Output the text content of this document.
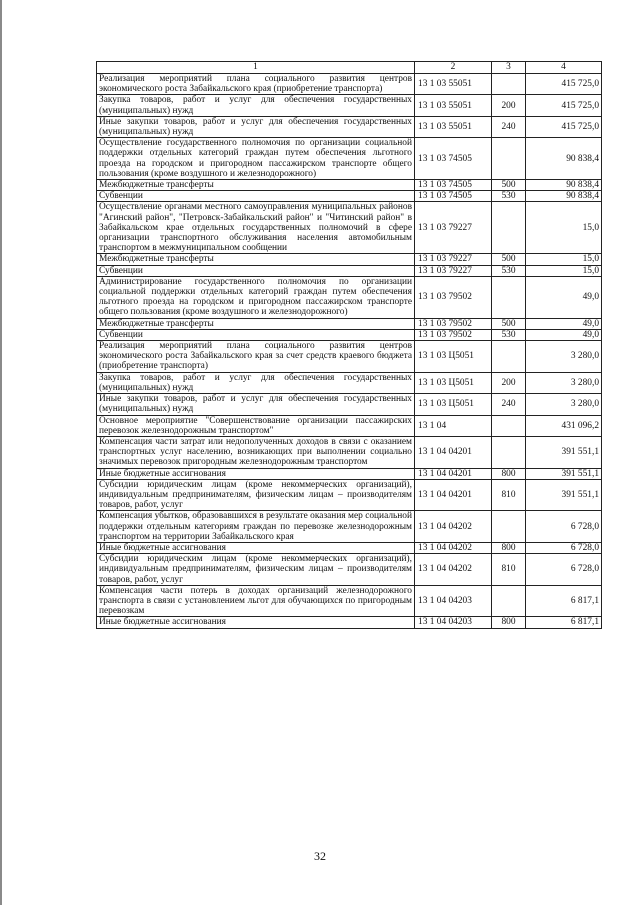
1	2	3	4
Реализация мероприятий плана социального развития центров экономического роста Забайкальского края (приобретение транспорта)	13 1 03 55051		415 725,0
Закупка товаров, работ и услуг для обеспечения государственных (муниципальных) нужд	13 1 03 55051	200	415 725,0
Иные закупки товаров, работ и услуг для обеспечения государственных (муниципальных) нужд	13 1 03 55051	240	415 725,0
Осуществление государственного полномочия по организации социальной поддержки отдельных категорий граждан путем обеспечения льготного проезда на городском и пригородном пассажирском транспорте общего пользования (кроме воздушного и железнодорожного)	13 1 03 74505		90 838,4
Межбюджетные трансферты	13 1 03 74505	500	90 838,4
Субвенции	13 1 03 74505	530	90 838,4
Осуществление органами местного самоуправления муниципальных районов "Агинский район", "Петровск-Забайкальский район" и "Читинский район" в Забайкальском крае отдельных государственных полномочий в сфере организации транспортного обслуживания населения автомобильным транспортом в межмуниципальном сообщении	13 1 03 79227		15,0
Межбюджетные трансферты	13 1 03 79227	500	15,0
Субвенции	13 1 03 79227	530	15,0
Администрирование государственного полномочия по организации социальной поддержки отдельных категорий граждан путем обеспечения льготного проезда на городском и пригородном пассажирском транспорте общего пользования (кроме воздушного и железнодорожного)	13 1 03 79502		49,0
Межбюджетные трансферты	13 1 03 79502	500	49,0
Субвенции	13 1 03 79502	530	49,0
Реализация мероприятий плана социального развития центров экономического роста Забайкальского края за счет средств краевого бюджета (приобретение транспорта)	13 1 03 Ц5051		3 280,0
Закупка товаров, работ и услуг для обеспечения государственных (муниципальных) нужд	13 1 03 Ц5051	200	3 280,0
Иные закупки товаров, работ и услуг для обеспечения государственных (муниципальных) нужд	13 1 03 Ц5051	240	3 280,0
Основное мероприятие "Совершенствование организации пассажирских перевозок железнодорожным транспортом"	13 1 04		431 096,2
Компенсация части затрат или недополученных доходов в связи с оказанием транспортных услуг населению, возникающих при выполнении социально значимых перевозок пригородным железнодорожным транспортом	13 1 04 04201		391 551,1
Иные бюджетные ассигнования	13 1 04 04201	800	391 551,1
Субсидии юридическим лицам (кроме некоммерческих организаций), индивидуальным предпринимателям, физическим лицам – производителям товаров, работ, услуг	13 1 04 04201	810	391 551,1
Компенсация убытков, образовавшихся в результате оказания мер социальной поддержки отдельным категориям граждан по перевозке железнодорожным транспортом на территории Забайкальского края	13 1 04 04202		6 728,0
Иные бюджетные ассигнования	13 1 04 04202	800	6 728,0
Субсидии юридическим лицам (кроме некоммерческих организаций), индивидуальным предпринимателям, физическим лицам – производителям товаров, работ, услуг	13 1 04 04202	810	6 728,0
Компенсация части потерь в доходах организаций железнодорожного транспорта в связи с установлением льгот для обучающихся по пригородным перевозкам	13 1 04 04203		6 817,1
Иные бюджетные ассигнования	13 1 04 04203	800	6 817,1
32
